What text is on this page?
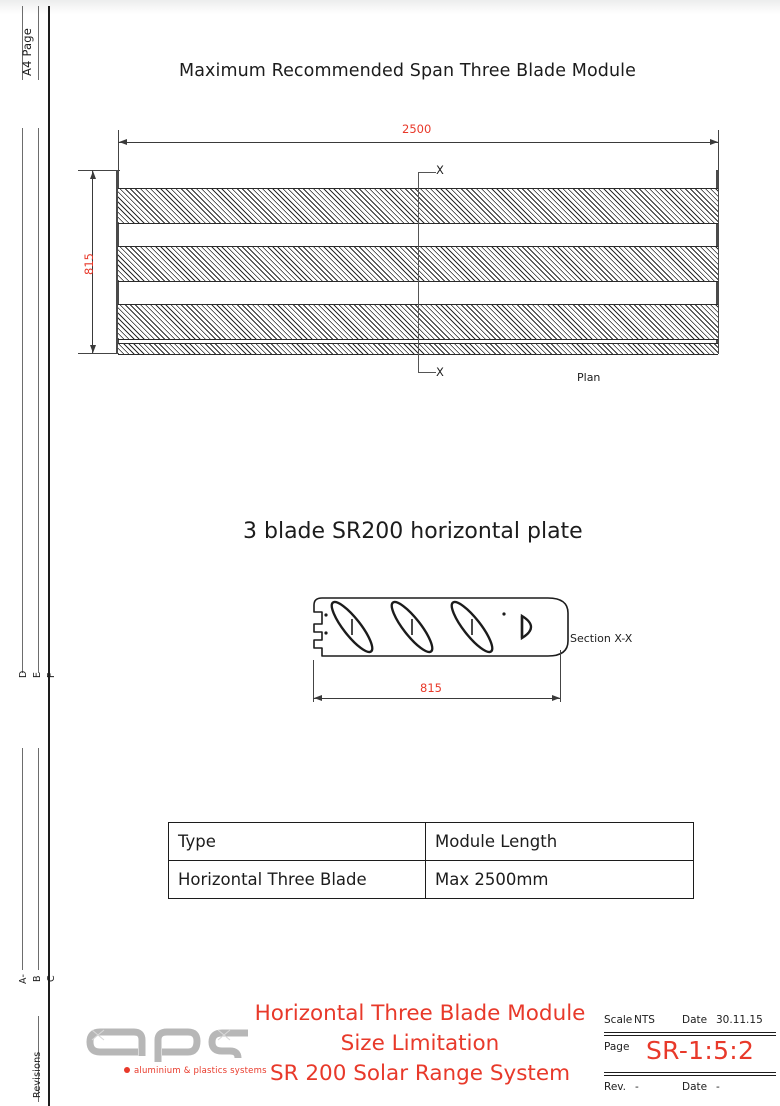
A4 Page
D E F
A- B C
Revisions
Maximum Recommended Span Three Blade Module
2500
815
X
X	Plan
3 blade SR200 horizontal plate
Section X-X
815
Type	Module Length
Horizontal Three Blade	Max 2500mm
aluminium & plastics systems
Horizontal Three Blade Module
Size Limitation
SR 200 Solar Range System
Scale NTS	Date 30.11.15
Page SR-1:5:2
Rev. -	Date -
